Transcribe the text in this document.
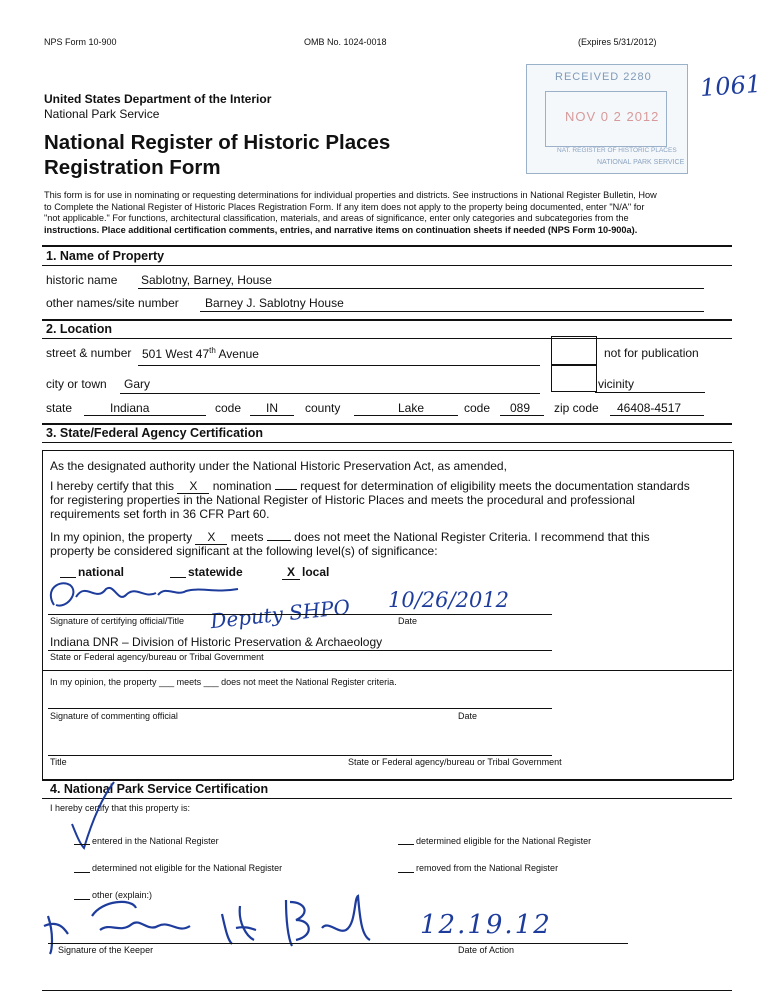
NPS Form 10-900	OMB No. 1024-0018	(Expires 5/31/2012)
RECEIVED 2280
NOV 0 2 2012
NAT. REGISTER OF HISTORIC PLACES
NATIONAL PARK SERVICE
1061
United States Department of the Interior
National Park Service
National Register of Historic Places
Registration Form
This form is for use in nominating or requesting determinations for individual properties and districts. See instructions in National Register Bulletin, How
to Complete the National Register of Historic Places Registration Form. If any item does not apply to the property being documented, enter "N/A" for
"not applicable." For functions, architectural classification, materials, and areas of significance, enter only categories and subcategories from the
instructions. Place additional certification comments, entries, and narrative items on continuation sheets if needed (NPS Form 10-900a).
1. Name of Property
historic name Sablotny, Barney, House
other names/site number Barney J. Sablotny House
2. Location
street & number 501 West 47th Avenue	not for publication
city or town Gary	vicinity
state	Indiana	code IN county	Lake	code 089 zip code 46408-4517
3. State/Federal Agency Certification
As the designated authority under the National Historic Preservation Act, as amended,
I hereby certify that this X nomination request for determination of eligibility meets the documentation standards
for registering properties in the National Register of Historic Places and meets the procedural and professional
requirements set forth in 36 CFR Part 60.
In my opinion, the property X meets	does not meet the National Register Criteria. I recommend that this
property be considered significant at the following level(s) of significance:
national	statewide	X local
Deputy SHPO 10/26/2012
Signature of certifying official/Title	Date
Indiana DNR – Division of Historic Preservation & Archaeology
State or Federal agency/bureau or Tribal Government
In my opinion, the property ___ meets ___ does not meet the National Register criteria.
Signature of commenting official	Date
Title	State or Federal agency/bureau or Tribal Government
4. National Park Service Certification
I hereby certify that this property is:
entered in the National Register	determined eligible for the National Register
determined not eligible for the National Register	removed from the National Register
other (explain:)
12.19.12
Signature of the Keeper	Date of Action
